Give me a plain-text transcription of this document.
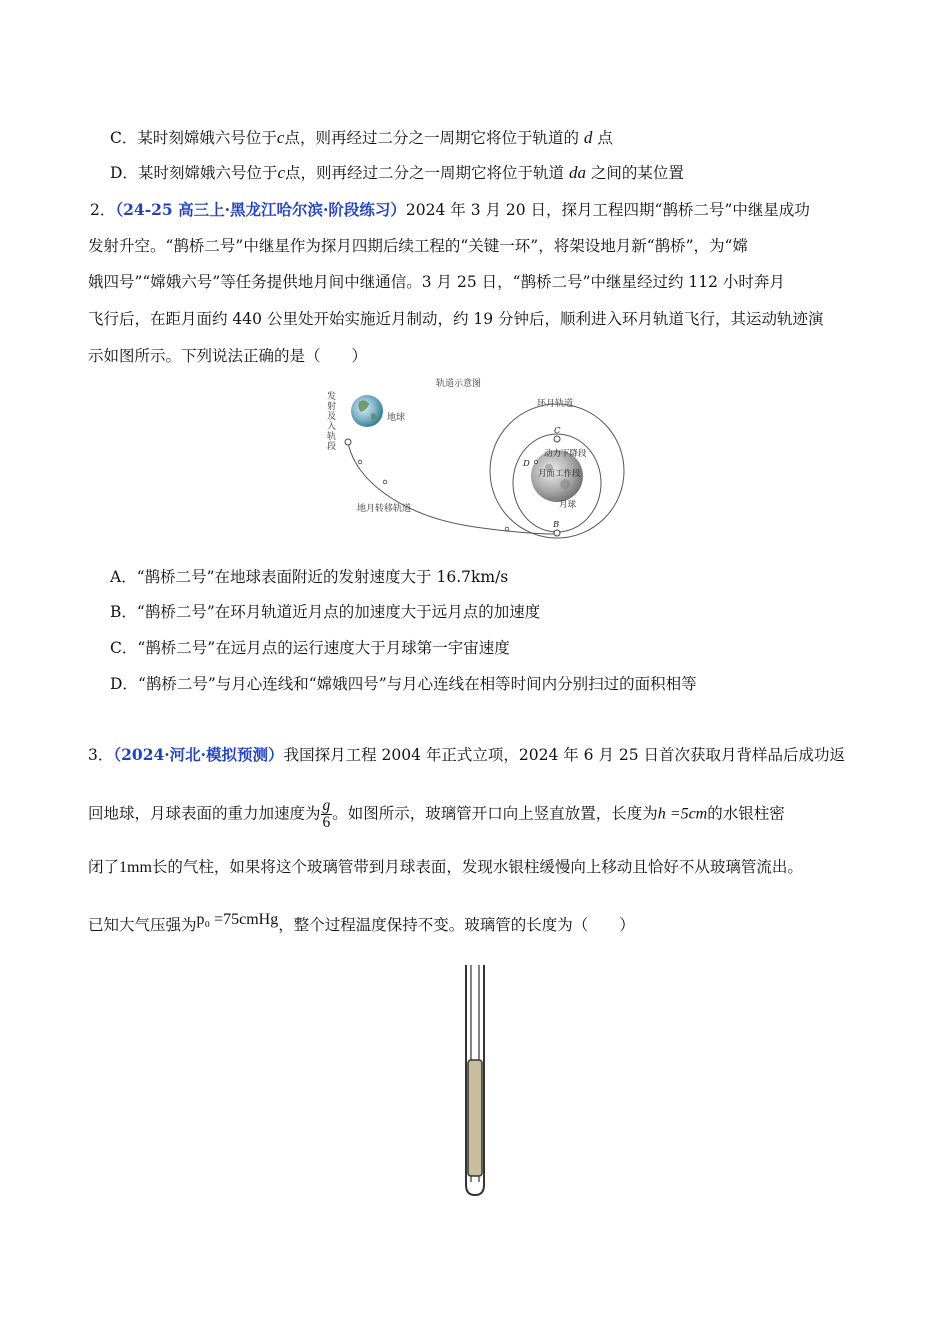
C．某时刻嫦娥六号位于c点，则再经过二分之一周期它将位于轨道的 d 点
D．某时刻嫦娥六号位于c点，则再经过二分之一周期它将位于轨道 da 之间的某位置
2．（24-25 高三上·黑龙江哈尔滨·阶段练习）2024 年 3 月 20 日，探月工程四期“鹊桥二号”中继星成功
发射升空。“鹊桥二号”中继星作为探月四期后续工程的“关键一环”，将架设地月新“鹊桥”，为“嫦
娥四号”“嫦娥六号”等任务提供地月间中继通信。3 月 25 日，“鹊桥二号”中继星经过约 112 小时奔月
飞行后，在距月面约 440 公里处开始实施近月制动，约 19 分钟后，顺利进入环月轨道飞行，其运动轨迹演
示如图所示。下列说法正确的是（　　）
轨道示意图
发射及入轨段
地球
地月转移轨道
环月轨道
动力下降段
月面工作段
月球
C
D
B
A．“鹊桥二号”在地球表面附近的发射速度大于 16.7km/s
B．“鹊桥二号”在环月轨道近月点的加速度大于远月点的加速度
C．“鹊桥二号”在远月点的运行速度大于月球第一宇宙速度
D．“鹊桥二号”与月心连线和“嫦娥四号”与月心连线在相等时间内分别扫过的面积相等
3．（2024·河北·模拟预测）我国探月工程 2004 年正式立项，2024 年 6 月 25 日首次获取月背样品后成功返
回地球，月球表面的重力加速度为 $\frac{g}{6}$ 。如图所示，玻璃管开口向上竖直放置，长度为h =5cm的水银柱密
闭了1mm长的气柱，如果将这个玻璃管带到月球表面，发现水银柱缓慢向上移动且恰好不从玻璃管流出。
已知大气压强为p₀ =75cmHg，整个过程温度保持不变。玻璃管的长度为（　　）
